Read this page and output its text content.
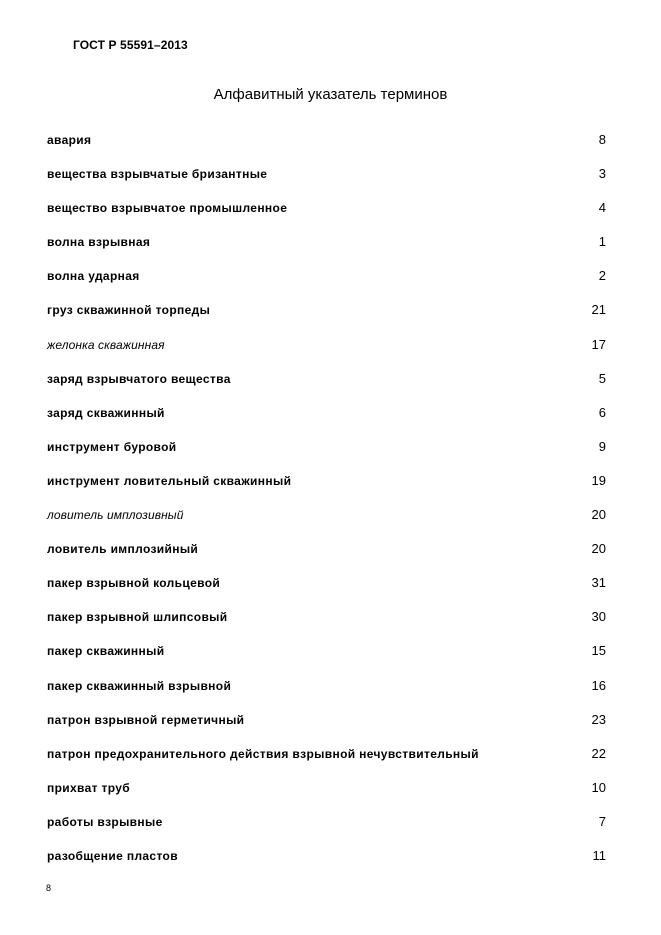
ГОСТ Р 55591–2013
Алфавитный указатель терминов
авария	8
вещества взрывчатые бризантные	3
вещество взрывчатое промышленное	4
волна взрывная	1
волна ударная	2
груз скважинной торпеды	21
желонка скважинная	17
заряд взрывчатого вещества	5
заряд скважинный	6
инструмент буровой	9
инструмент ловительный скважинный	19
ловитель имплозивный	20
ловитель имплозийный	20
пакер взрывной кольцевой	31
пакер взрывной шлипсовый	30
пакер скважинный	15
пакер скважинный взрывной	16
патрон взрывной герметичный	23
патрон предохранительного действия взрывной нечувствительный	22
прихват труб	10
работы взрывные	7
разобщение пластов	11
8
